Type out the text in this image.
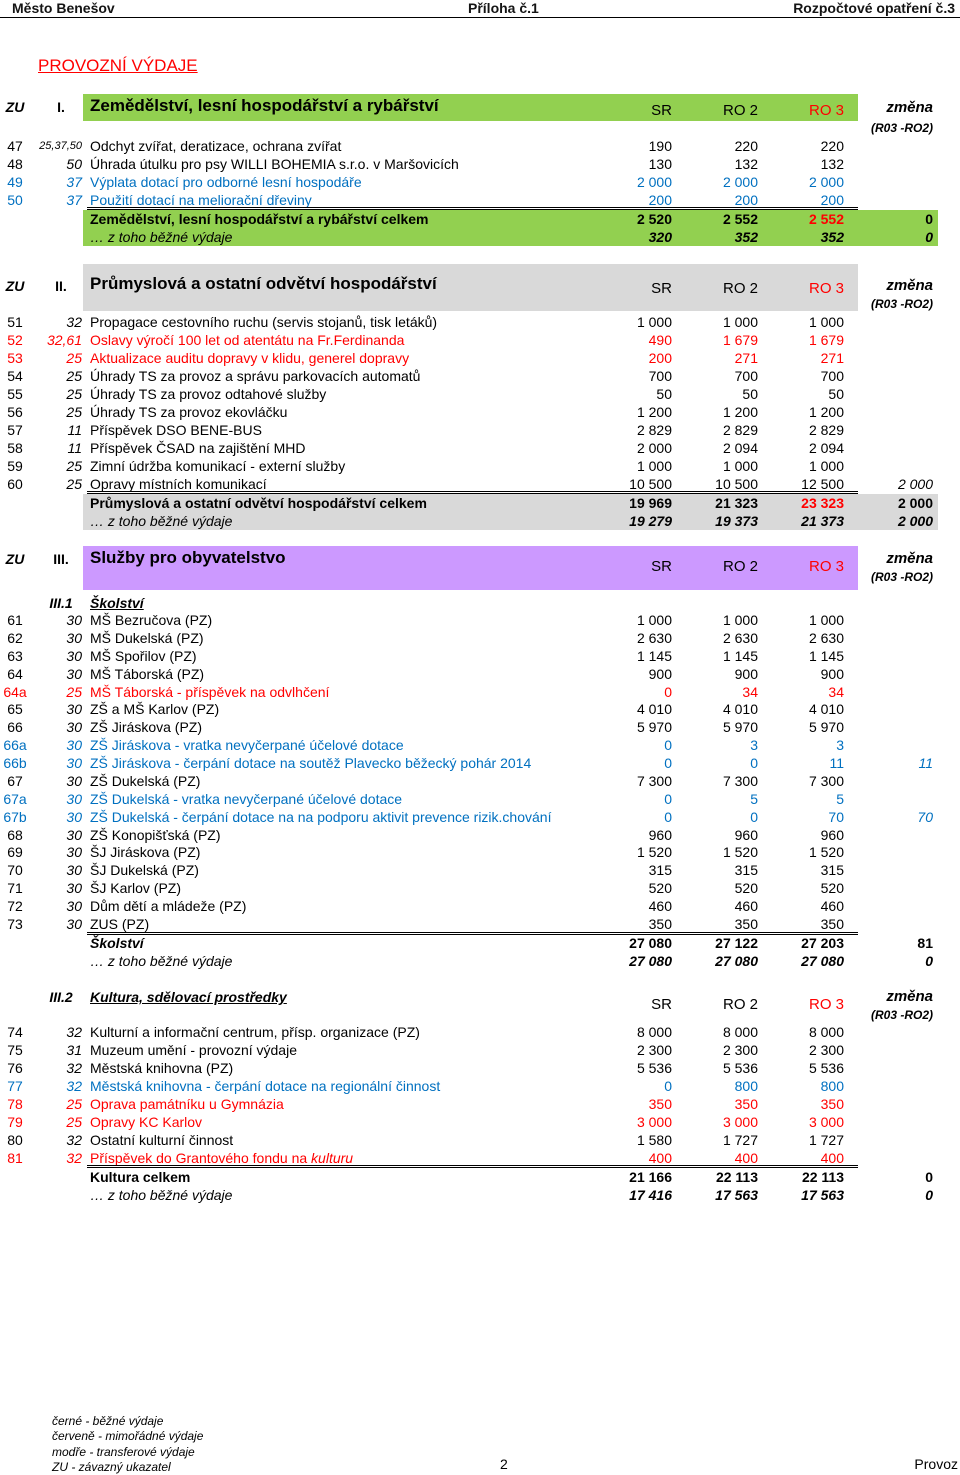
Město Benešov	Příloha č.1	Rozpočtové opatření č.3
PROVOZNÍ VÝDAJE
ZU	I.	Zemědělství, lesní hospodářství a rybářství	SR	RO 2	RO 3	změna
(R03 -RO2)
47	25,37,50 Odchyt zvířat, deratizace, ochrana zvířat	190	220	220
48	50 Úhrada útulku pro psy WILLI BOHEMIA s.r.o. v Maršovicích	130	132	132
49	37 Výplata dotací pro odborné lesní hospodáře	2 000	2 000	2 000
50	37 Použití dotací na meliorační dřeviny	200	200	200
Zemědělství, lesní hospodářství a rybářství celkem	2 520	2 552	2 552	0
… z toho běžné výdaje	320	352	352	0
ZU	II.	Průmyslová a ostatní odvětví hospodářství	SR	RO 2	RO 3	změna
(R03 -RO2)
51	32 Propagace cestovního ruchu (servis stojanů, tisk letáků)	1 000	1 000	1 000
52	32,61 Oslavy výročí 100 let od atentátu na Fr.Ferdinanda	490	1 679	1 679
53	25 Aktualizace auditu dopravy v klidu, generel dopravy	200	271	271
54	25 Úhrady TS za provoz a správu parkovacích automatů	700	700	700
55	25 Úhrady TS za provoz odtahové služby	50	50	50
56	25 Úhrady TS za provoz ekovláčku	1 200	1 200	1 200
57	11 Příspěvek DSO BENE-BUS	2 829	2 829	2 829
58	11 Příspěvek ČSAD na zajištění MHD	2 000	2 094	2 094
59	25 Zimní údržba komunikací - externí služby	1 000	1 000	1 000
60	25 Opravy místních komunikací	10 500	10 500	12 500	2 000
Průmyslová a ostatní odvětví hospodářství celkem	19 969	21 323	23 323	2 000
… z toho běžné výdaje	19 279	19 373	21 373	2 000
ZU	III.	Služby pro obyvatelstvo	SR	RO 2	RO 3	změna
(R03 -RO2)
III.1	Školství
61	30 MŠ Bezručova (PZ)	1 000	1 000	1 000
62	30 MŠ Dukelská (PZ)	2 630	2 630	2 630
63	30 MŠ Spořilov (PZ)	1 145	1 145	1 145
64	30 MŠ Táborská (PZ)	900	900	900
64a	25 MŠ Táborská - příspěvek na odvlhčení	0	34	34
65	30 ZŠ a MŠ Karlov (PZ)	4 010	4 010	4 010
66	30 ZŠ Jiráskova (PZ)	5 970	5 970	5 970
66a	30 ZŠ Jiráskova - vratka nevyčerpané účelové dotace	0	3	3
66b	30 ZŠ Jiráskova - čerpání dotace na soutěž Plavecko běžecký pohár 2014	0	0	11	11
67	30 ZŠ Dukelská (PZ)	7 300	7 300	7 300
67a	30 ZŠ Dukelská - vratka nevyčerpané účelové dotace	0	5	5
67b	30 ZŠ Dukelská - čerpání dotace na na podporu aktivit prevence rizik.chování	0	0	70	70
68	30 ZŠ Konopišťská (PZ)	960	960	960
69	30 ŠJ Jiráskova (PZ)	1 520	1 520	1 520
70	30 ŠJ Dukelská (PZ)	315	315	315
71	30 ŠJ Karlov (PZ)	520	520	520
72	30 Dům dětí a mládeže (PZ)	460	460	460
73	30 ZUS (PZ)	350	350	350
Školství	27 080	27 122	27 203	81
… z toho běžné výdaje	27 080	27 080	27 080	0
III.2	Kultura, sdělovací prostředky	SR	RO 2	RO 3	změna
(R03 -RO2)
74	32 Kulturní a informační centrum, přísp. organizace (PZ)	8 000	8 000	8 000
75	31 Muzeum umění - provozní výdaje	2 300	2 300	2 300
76	32 Městská knihovna (PZ)	5 536	5 536	5 536
77	32 Městská knihovna - čerpání dotace na regionální činnost	0	800	800
78	25 Oprava památníku u Gymnázia	350	350	350
79	25 Opravy KC Karlov	3 000	3 000	3 000
80	32 Ostatní kulturní činnost	1 580	1 727	1 727
81	32 Příspěvek do Grantového fondu na kulturu	400	400	400
Kultura celkem	21 166	22 113	22 113	0
… z toho běžné výdaje	17 416	17 563	17 563	0
černé - běžné výdaje
červeně - mimořádné výdaje
modře - transferové výdaje
ZU - závazný ukazatel	2	Provoz
